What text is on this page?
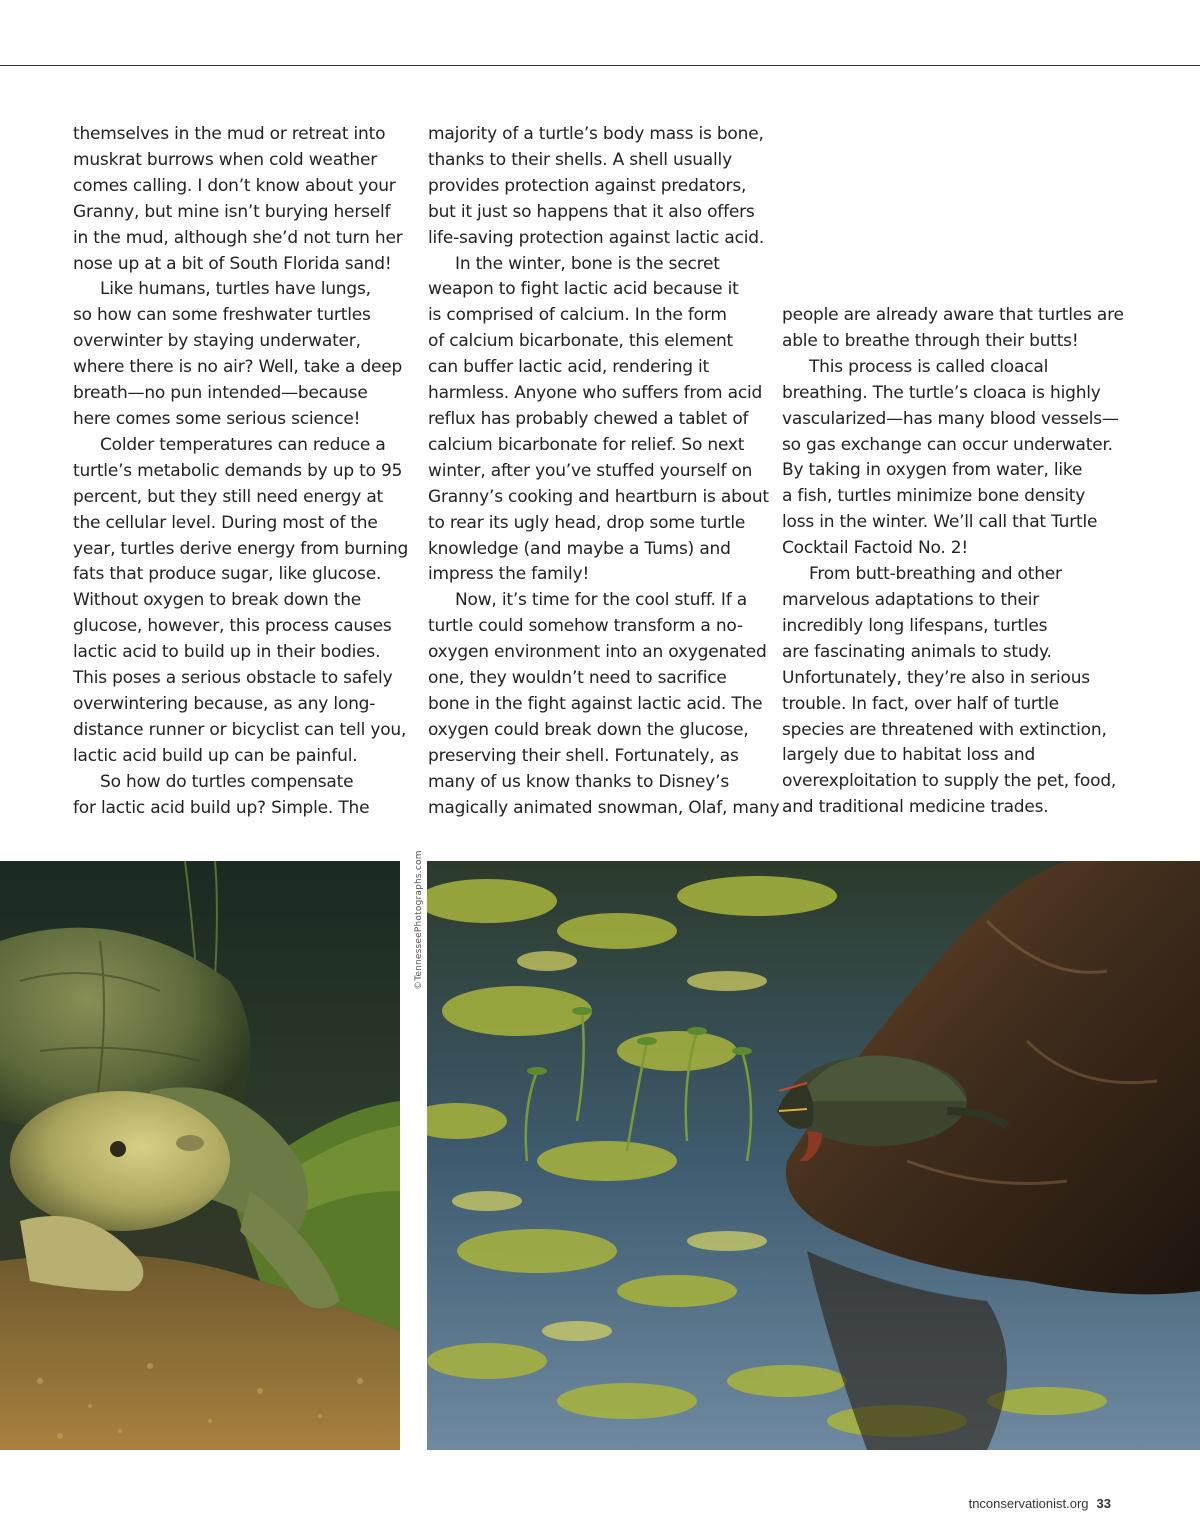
themselves in the mud or retreat into

muskrat burrows when cold weather

comes calling. I don’t know about your

Granny, but mine isn’t burying herself

in the mud, although she’d not turn her

nose up at a bit of South Florida sand!

Like humans, turtles have lungs,

so how can some freshwater turtles

overwinter by staying underwater,

where there is no air? Well, take a deep

breath—no pun intended—because

here comes some serious science!

Colder temperatures can reduce a

turtle’s metabolic demands by up to 95

percent, but they still need energy at

the cellular level. During most of the

year, turtles derive energy from burning

fats that produce sugar, like glucose.

Without oxygen to break down the

glucose, however, this process causes

lactic acid to build up in their bodies.

This poses a serious obstacle to safely

overwintering because, as any long-

distance runner or bicyclist can tell you,

lactic acid build up can be painful.

So how do turtles compensate

for lactic acid build up? Simple. The

majority of a turtle’s body mass is bone,

thanks to their shells. A shell usually

provides protection against predators,

but it just so happens that it also offers

life-saving protection against lactic acid.

In the winter, bone is the secret

weapon to fight lactic acid because it

is comprised of calcium. In the form

of calcium bicarbonate, this element

can buffer lactic acid, rendering it

harmless. Anyone who suffers from acid

reflux has probably chewed a tablet of

calcium bicarbonate for relief. So next

winter, after you’ve stuffed yourself on

Granny’s cooking and heartburn is about

to rear its ugly head, drop some turtle

knowledge (and maybe a Tums) and

impress the family!

Now, it’s time for the cool stuff. If a

turtle could somehow transform a no-

oxygen environment into an oxygenated

one, they wouldn’t need to sacrifice

bone in the fight against lactic acid. The

oxygen could break down the glucose,

preserving their shell. Fortunately, as

many of us know thanks to Disney’s

magically animated snowman, Olaf, many

people are already aware that turtles are

able to breathe through their butts!

This process is called cloacal

breathing. The turtle’s cloaca is highly

vascularized—has many blood vessels—

so gas exchange can occur underwater.

By taking in oxygen from water, like

a fish, turtles minimize bone density

loss in the winter. We’ll call that Turtle

Cocktail Factoid No. 2!

From butt-breathing and other

marvelous adaptations to their

incredibly long lifespans, turtles

are fascinating animals to study.

Unfortunately, they’re also in serious

trouble. In fact, over half of turtle

species are threatened with extinction,

largely due to habitat loss and

overexploitation to supply the pet, food,

and traditional medicine trades.

©TennesseePhotographs.com
tnconservationist.org 33
